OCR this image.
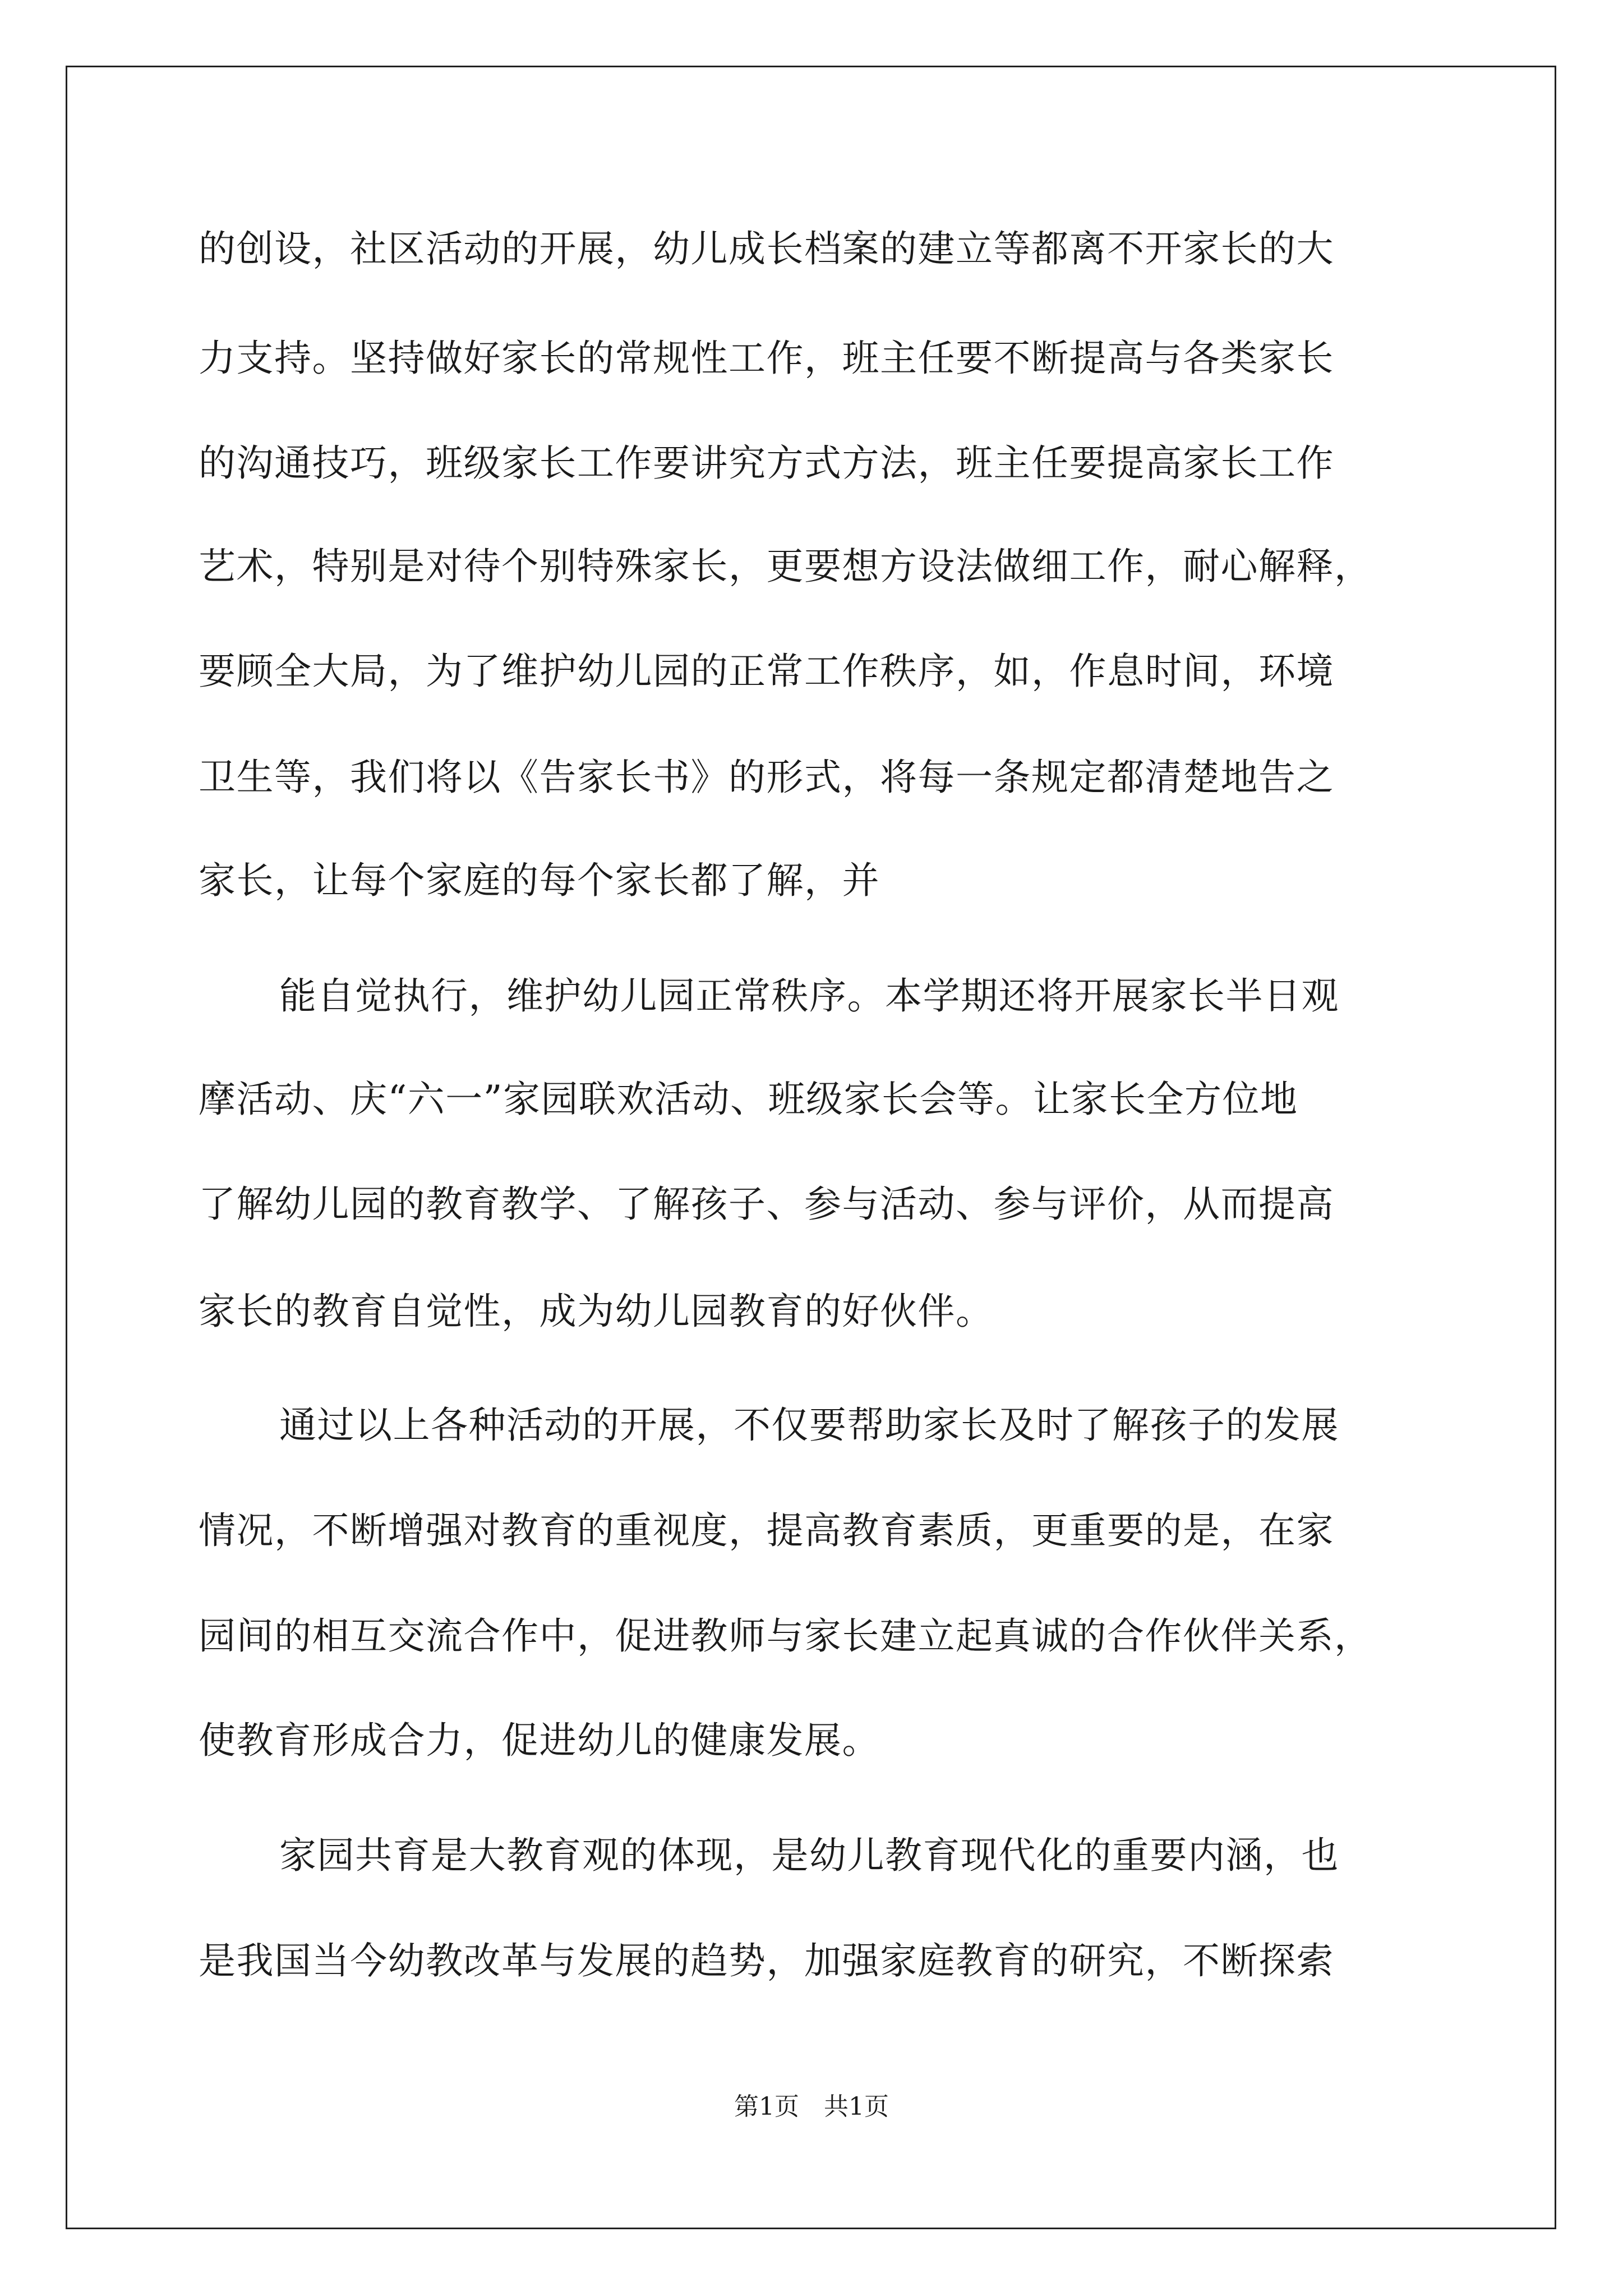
的创设，社区活动的开展，幼儿成长档案的建立等都离不开家长的大
力支持。坚持做好家长的常规性工作，班主任要不断提高与各类家长
的沟通技巧，班级家长工作要讲究方式方法，班主任要提高家长工作
艺术，特别是对待个别特殊家长，更要想方设法做细工作，耐心解释，
要顾全大局，为了维护幼儿园的正常工作秩序，如，作息时间，环境
卫生等，我们将以《告家长书》的形式，将每一条规定都清楚地告之
家长，让每个家庭的每个家长都了解，并
能自觉执行，维护幼儿园正常秩序。本学期还将开展家长半日观
摩活动、庆“六一”家园联欢活动、班级家长会等。让家长全方位地
了解幼儿园的教育教学、了解孩子、参与活动、参与评价，从而提高
家长的教育自觉性，成为幼儿园教育的好伙伴。
通过以上各种活动的开展，不仅要帮助家长及时了解孩子的发展
情况，不断增强对教育的重视度，提高教育素质，更重要的是，在家
园间的相互交流合作中，促进教师与家长建立起真诚的合作伙伴关系，
使教育形成合力，促进幼儿的健康发展。
家园共育是大教育观的体现，是幼儿教育现代化的重要内涵，也
是我国当今幼教改革与发展的趋势，加强家庭教育的研究，不断探索
第1页　共1页
